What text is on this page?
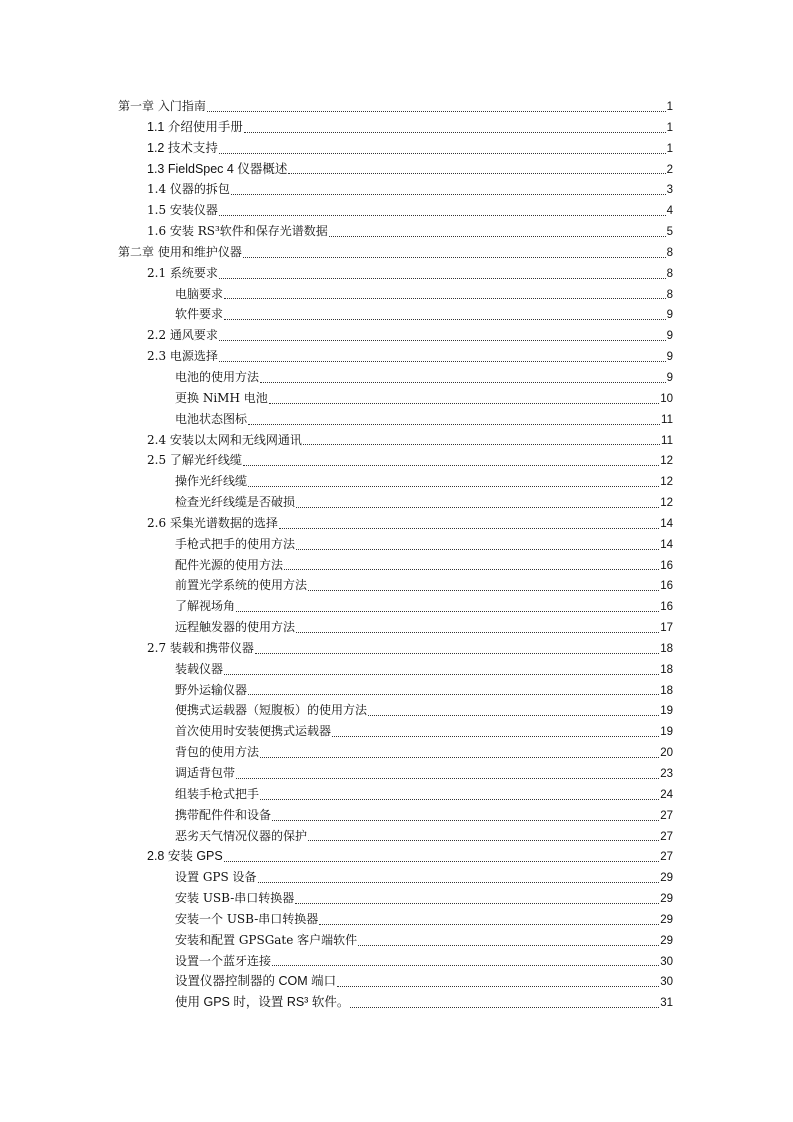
第一章 入门指南	1
1.1 介绍使用手册	1
1.2 技术支持	1
1.3 FieldSpec 4 仪器概述	2
1.4 仪器的拆包	3
1.5 安装仪器	4
1.6 安装 RS³软件和保存光谱数据	5
第二章 使用和维护仪器	8
2.1 系统要求	8
电脑要求	8
软件要求	9
2.2 通风要求	9
2.3 电源选择	9
电池的使用方法	9
更换 NiMH 电池	10
电池状态图标	11
2.4 安装以太网和无线网通讯	11
2.5 了解光纤线缆	12
操作光纤线缆	12
检查光纤线缆是否破损	12
2.6 采集光谱数据的选择	14
手枪式把手的使用方法	14
配件光源的使用方法	16
前置光学系统的使用方法	16
了解视场角	16
远程触发器的使用方法	17
2.7 装载和携带仪器	18
装载仪器	18
野外运输仪器	18
便携式运载器（短腹板）的使用方法	19
首次使用时安装便携式运载器	19
背包的使用方法	20
调适背包带	23
组装手枪式把手	24
携带配件件和设备	27
恶劣天气情况仪器的保护	27
2.8 安装 GPS	27
设置 GPS 设备	29
安装 USB-串口转换器	29
安装一个 USB-串口转换器	29
安装和配置 GPSGate 客户端软件	29
设置一个蓝牙连接	30
设置仪器控制器的 COM 端口	30
使用 GPS 时，设置 RS³ 软件。	31
